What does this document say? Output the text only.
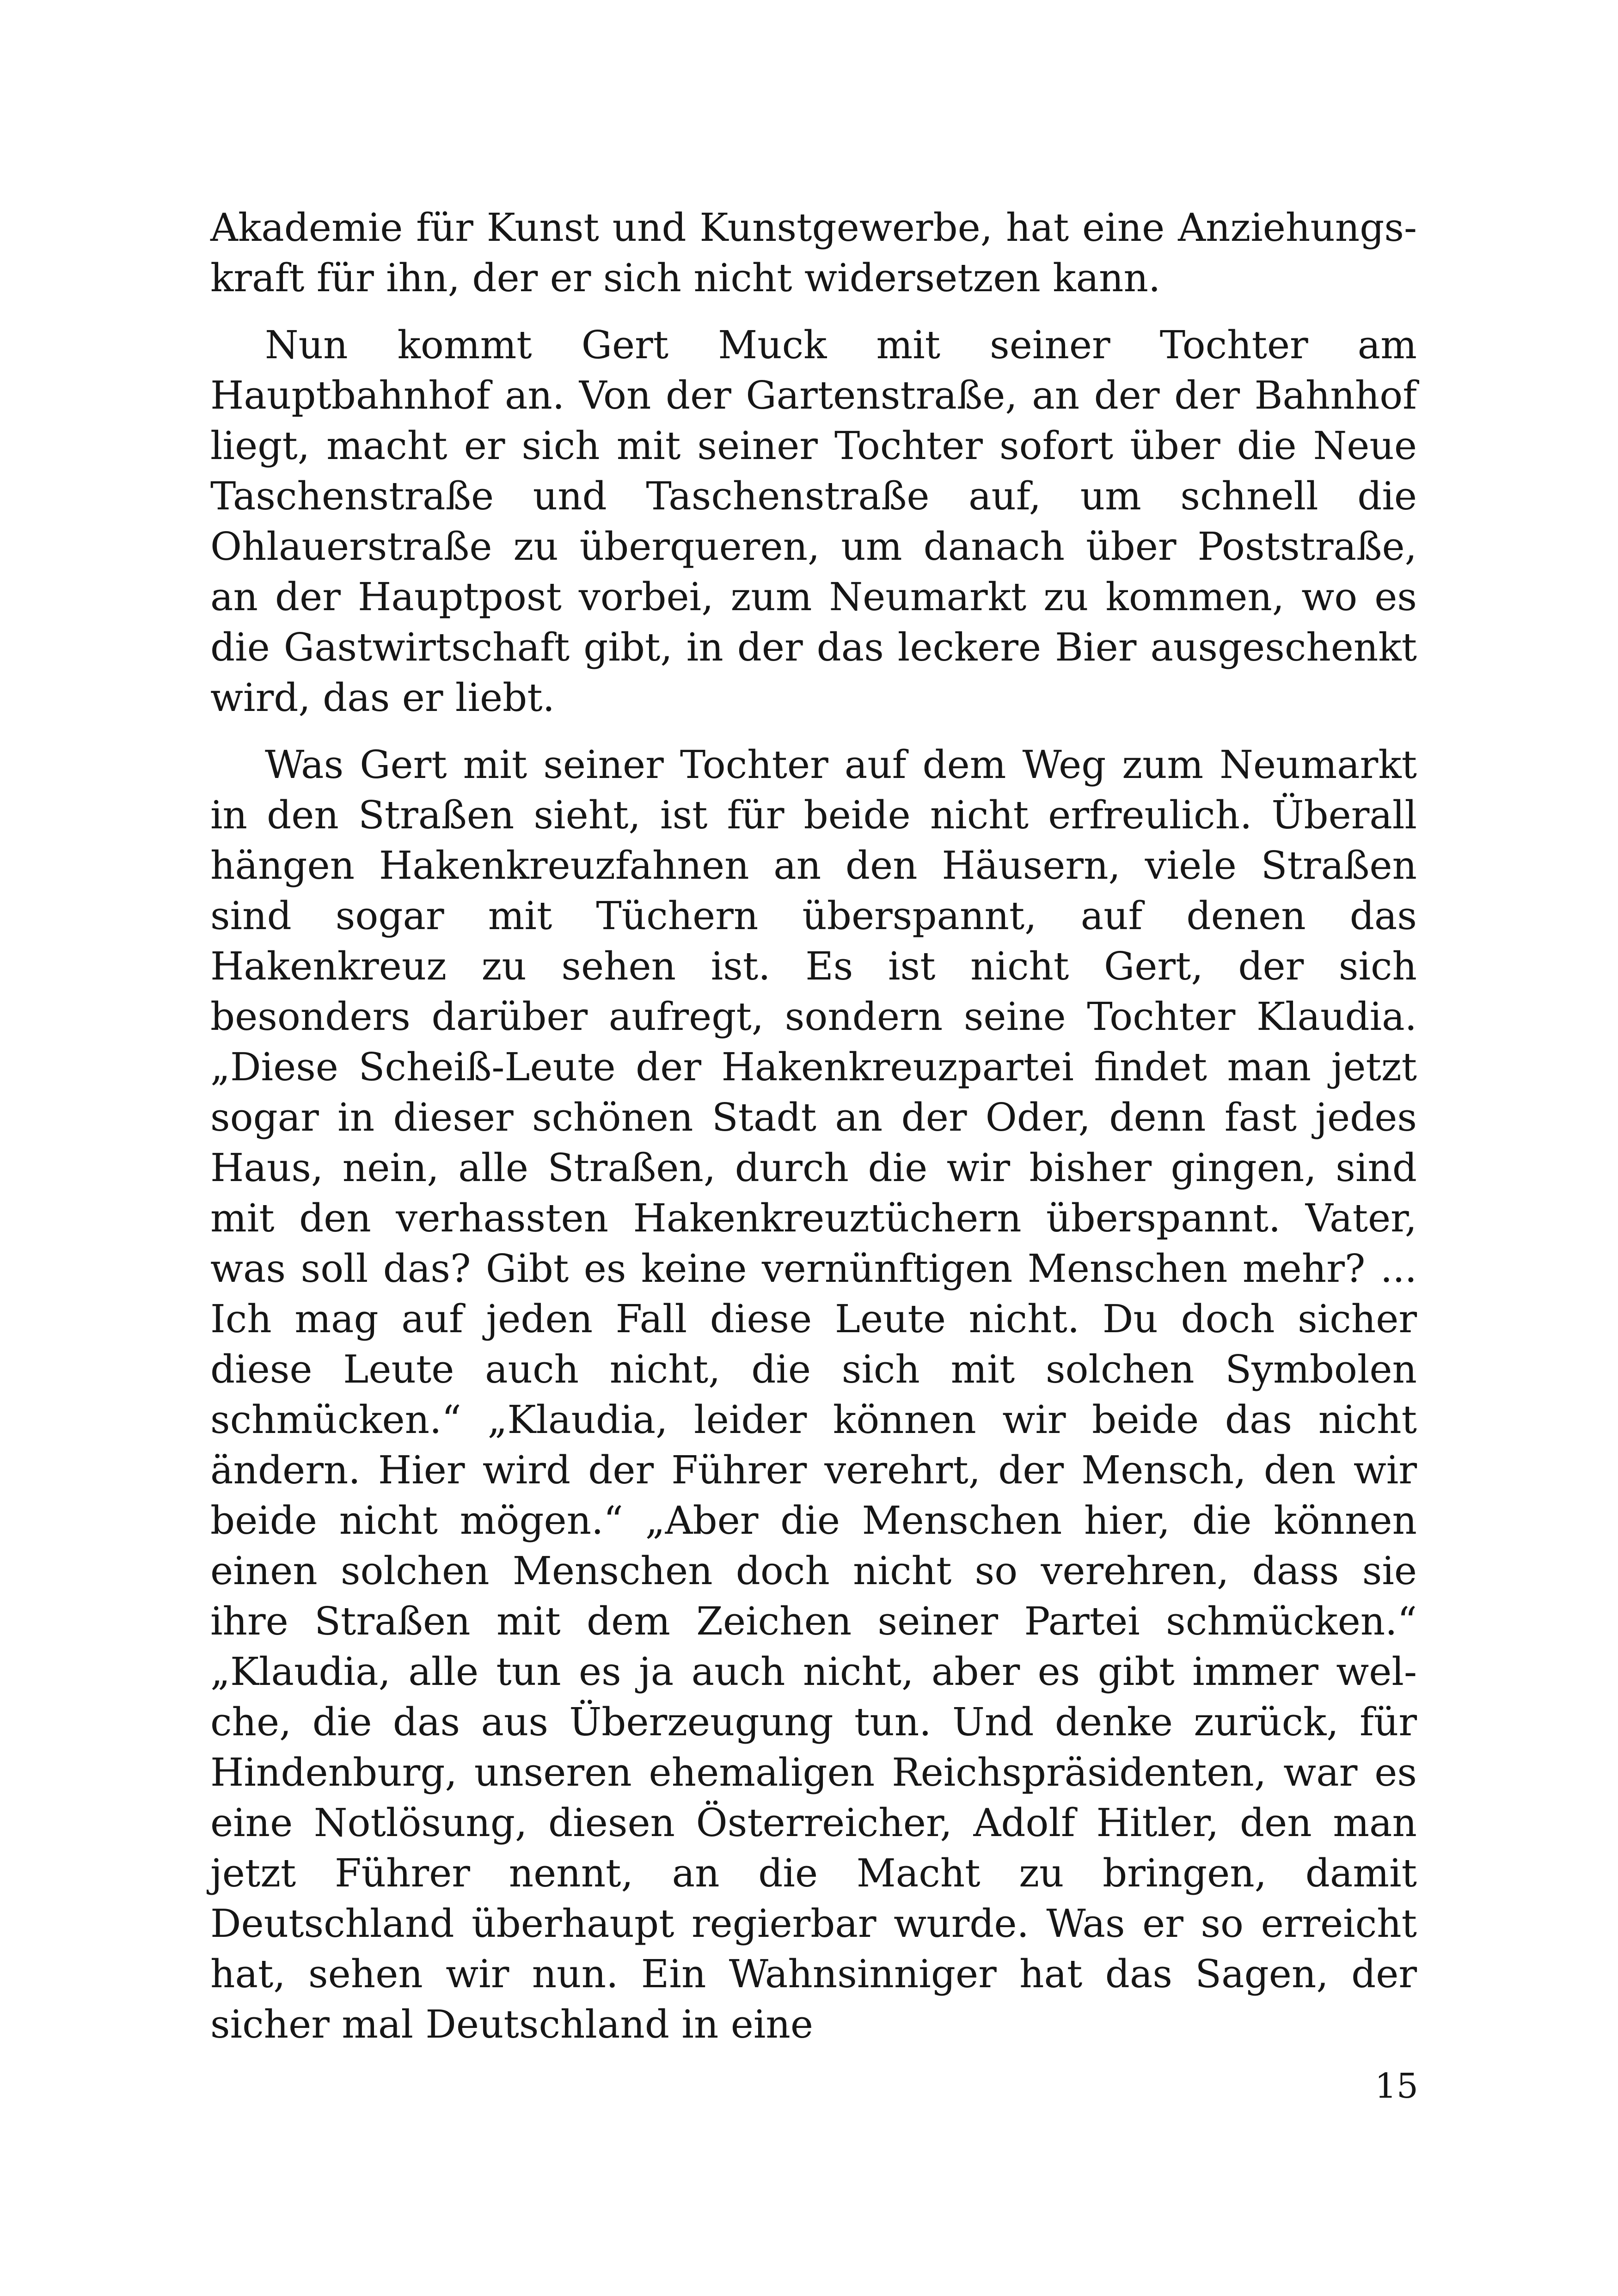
Akademie für Kunst und Kunstgewerbe, hat eine Anziehungskraft für ihn, der er sich nicht widersetzen kann.

Nun kommt Gert Muck mit seiner Tochter am Hauptbahnhof an. Von der Gartenstraße, an der der Bahnhof liegt, macht er sich mit seiner Tochter sofort über die Neue Taschenstraße und Taschenstraße auf, um schnell die Ohlauerstraße zu überqueren, um danach über Poststraße, an der Hauptpost vorbei, zum Neumarkt zu kommen, wo es die Gastwirtschaft gibt, in der das leckere Bier ausgeschenkt wird, das er liebt.

Was Gert mit seiner Tochter auf dem Weg zum Neumarkt in den Straßen sieht, ist für beide nicht erfreulich. Überall hängen Hakenkreuzfahnen an den Häusern, viele Straßen sind sogar mit Tüchern überspannt, auf denen das Hakenkreuz zu sehen ist. Es ist nicht Gert, der sich besonders darüber aufregt, sondern seine Tochter Klaudia. „Diese Scheiß-Leute der Hakenkreuzpartei findet man jetzt sogar in dieser schönen Stadt an der Oder, denn fast jedes Haus, nein, alle Straßen, durch die wir bisher gingen, sind mit den verhassten Hakenkreuztüchern überspannt. Vater, was soll das? Gibt es keine vernünftigen Menschen mehr? ... Ich mag auf jeden Fall diese Leute nicht. Du doch sicher diese Leute auch nicht, die sich mit solchen Symbolen schmücken.“ „Klaudia, leider können wir beide das nicht ändern. Hier wird der Führer verehrt, der Mensch, den wir beide nicht mögen.“ „Aber die Menschen hier, die können einen solchen Menschen doch nicht so verehren, dass sie ihre Straßen mit dem Zeichen seiner Partei schmücken.“ „Klaudia, alle tun es ja auch nicht, aber es gibt immer welche, die das aus Überzeugung tun. Und denke zurück, für Hindenburg, unseren ehemaligen Reichspräsidenten, war es eine Notlösung, diesen Österreicher, Adolf Hitler, den man jetzt Führer nennt, an die Macht zu bringen, damit Deutschland überhaupt regierbar wurde. Was er so erreicht hat, sehen wir nun. Ein Wahnsinniger hat das Sagen, der sicher mal Deutschland in eine

15
